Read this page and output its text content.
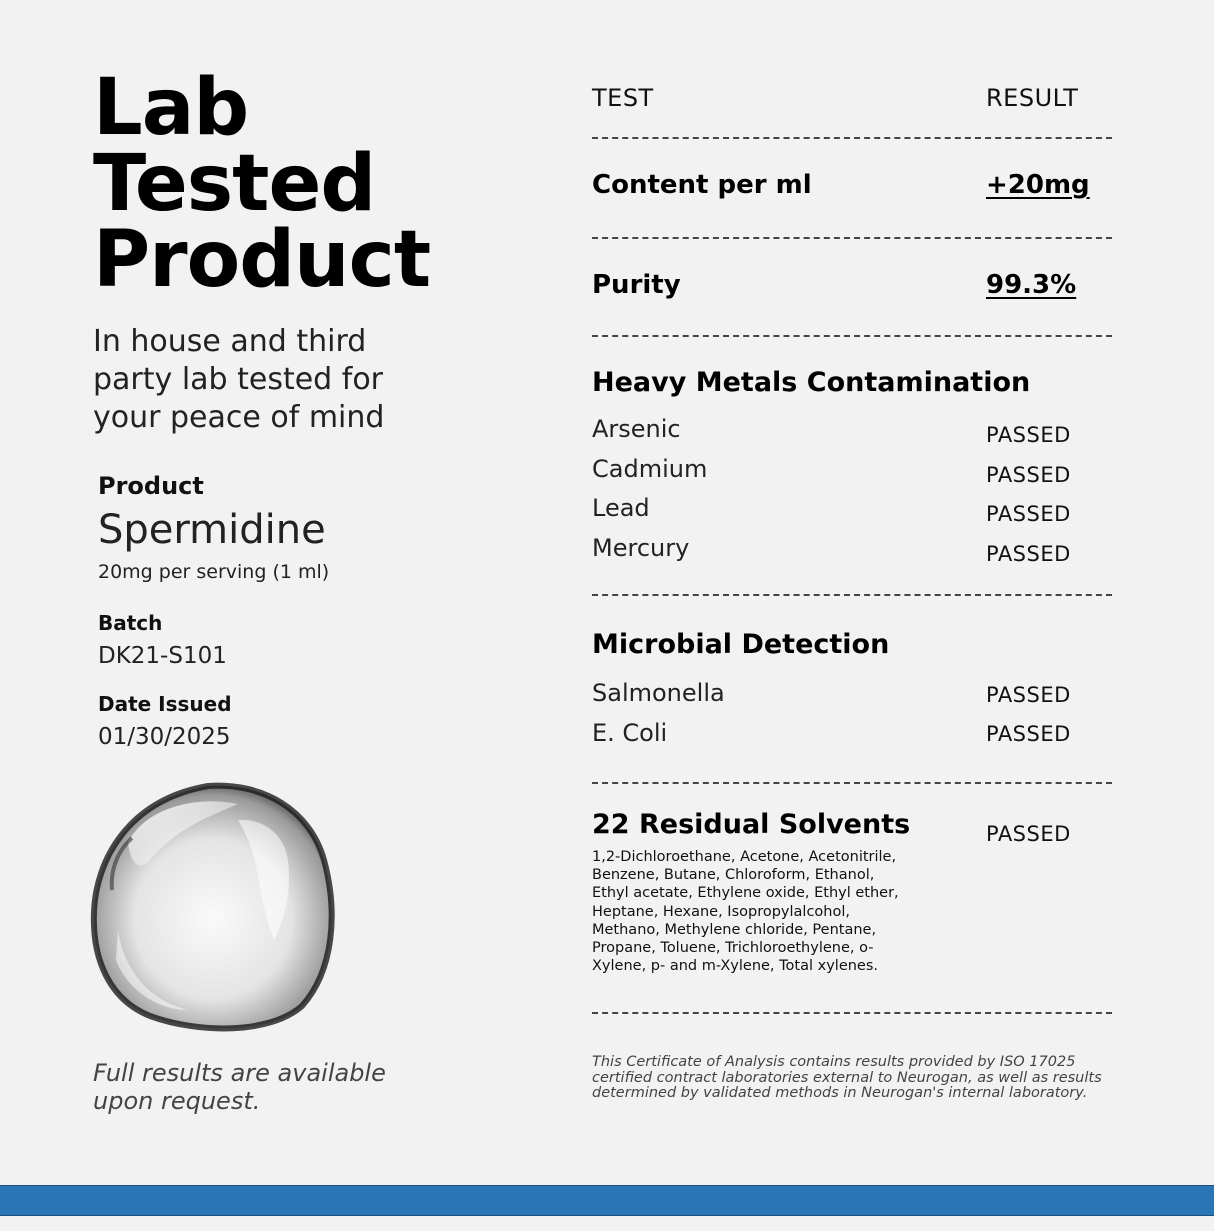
Lab
Tested
Product
In house and third
party lab tested for
your peace of mind
Product
Spermidine
20mg per serving (1 ml)
Batch
DK21-S101
Date Issued
01/30/2025
Full results are available
upon request.
TEST	RESULT
Content per ml	+20mg
Purity	99.3%
Heavy Metals Contamination
Arsenic	PASSED
Cadmium	PASSED
Lead	PASSED
Mercury	PASSED
Microbial Detection
Salmonella	PASSED
E. Coli	PASSED
22 Residual Solvents	PASSED
1,2-Dichloroethane, Acetone, Acetonitrile,
Benzene, Butane, Chloroform, Ethanol,
Ethyl acetate, Ethylene oxide, Ethyl ether,
Heptane, Hexane, Isopropylalcohol,
Methano, Methylene chloride, Pentane,
Propane, Toluene, Trichloroethylene, o-
Xylene, p- and m-Xylene, Total xylenes.
This Certificate of Analysis contains results provided by ISO 17025
certified contract laboratories external to Neurogan, as well as results
determined by validated methods in Neurogan's internal laboratory.
